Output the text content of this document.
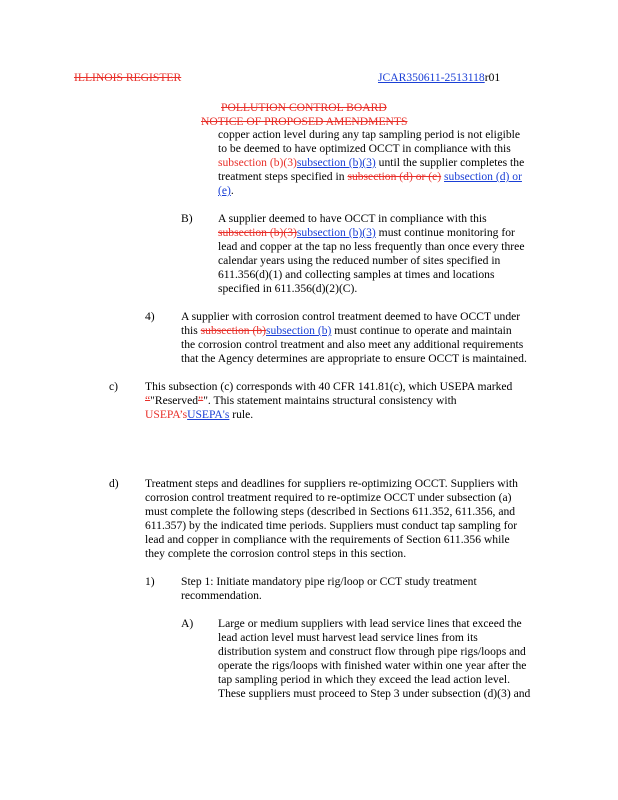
ILLINOIS REGISTER	JCAR350611-2513118r01
POLLUTION CONTROL BOARD
NOTICE OF PROPOSED AMENDMENTS
copper action level during any tap sampling period is not eligible
to be deemed to have optimized OCCT in compliance with this
subsection (b)(3)subsection (b)(3) until the supplier completes the
treatment steps specified in subsection (d) or (e) subsection (d) or
(e).
B) A supplier deemed to have OCCT in compliance with this
subsection (b)(3)subsection (b)(3) must continue monitoring for
lead and copper at the tap no less frequently than once every three
calendar years using the reduced number of sites specified in
611.356(d)(1) and collecting samples at times and locations
specified in 611.356(d)(2)(C).
4) A supplier with corrosion control treatment deemed to have OCCT under
this subsection (b)subsection (b) must continue to operate and maintain
the corrosion control treatment and also meet any additional requirements
that the Agency determines are appropriate to ensure OCCT is maintained.
c) This subsection (c) corresponds with 40 CFR 141.81(c), which USEPA marked
“"Reserved”". This statement maintains structural consistency with
USEPA’sUSEPA's rule.
d) Treatment steps and deadlines for suppliers re-optimizing OCCT. Suppliers with
corrosion control treatment required to re-optimize OCCT under subsection (a)
must complete the following steps (described in Sections 611.352, 611.356, and
611.357) by the indicated time periods. Suppliers must conduct tap sampling for
lead and copper in compliance with the requirements of Section 611.356 while
they complete the corrosion control steps in this section.
1) Step 1: Initiate mandatory pipe rig/loop or CCT study treatment
recommendation.
A) Large or medium suppliers with lead service lines that exceed the
lead action level must harvest lead service lines from its
distribution system and construct flow through pipe rigs/loops and
operate the rigs/loops with finished water within one year after the
tap sampling period in which they exceed the lead action level.
These suppliers must proceed to Step 3 under subsection (d)(3) and
